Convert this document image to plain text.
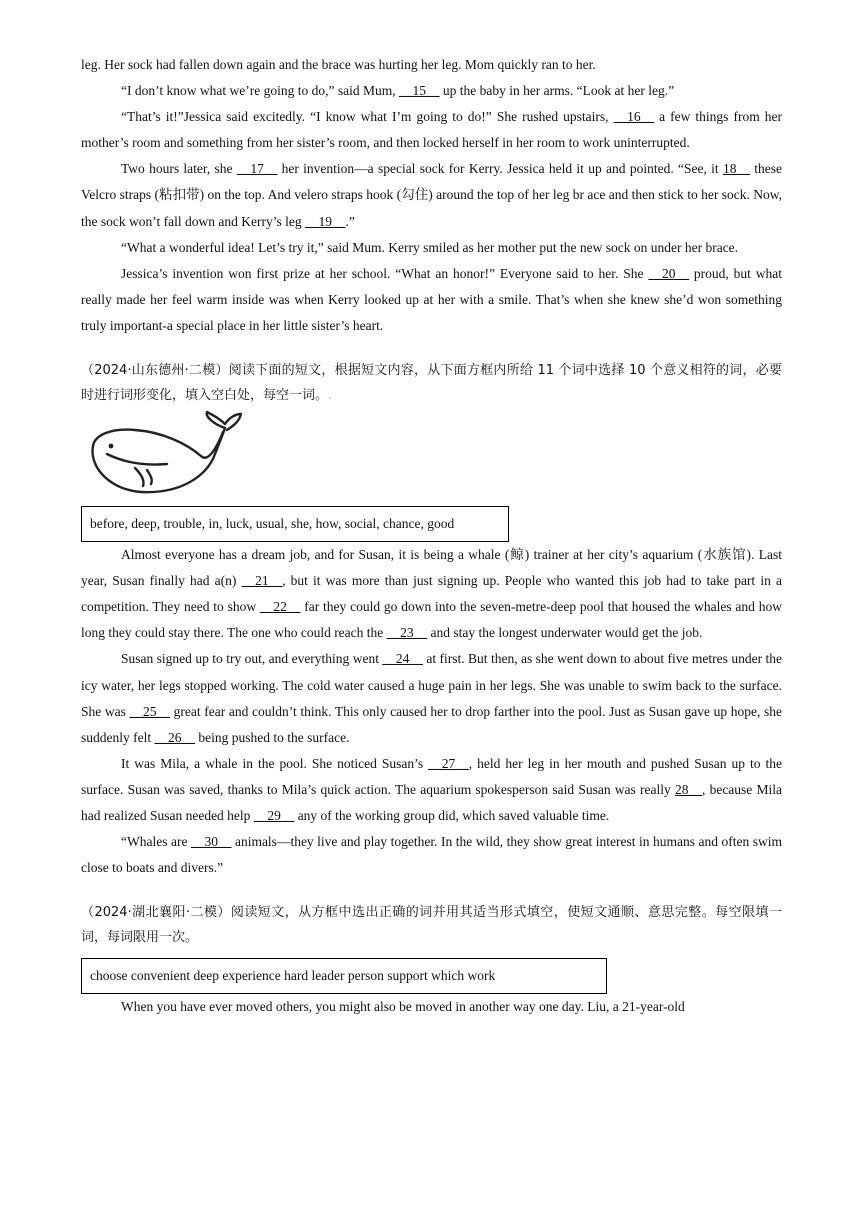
leg. Her sock had fallen down again and the brace was hurting her leg. Mom quickly ran to her.

“I don’t know what we’re going to do,” said Mum, __15__ up the baby in her arms. “Look at her leg.”

“That’s it!”Jessica said excitedly. “I know what I’m going to do!” She rushed upstairs, __16__ a few things from her mother’s room and something from her sister’s room, and then locked herself in her room to work uninterrupted.

Two hours later, she __17__ her invention—a special sock for Kerry. Jessica held it up and pointed. “See, it 18__ these Velcro straps (粘扣带) on the top. And velero straps hook (勾住) around the top of her leg br ace and then stick to her sock. Now, the sock won’t fall down and Kerry’s leg __19__.”

“What a wonderful idea! Let’s try it,” said Mum. Kerry smiled as her mother put the new sock on under her brace.

Jessica’s invention won first prize at her school. “What an honor!” Everyone said to her. She __20__ proud, but what really made her feel warm inside was when Kerry looked up at her with a smile. That’s when she knew she’d won something truly important-a special place in her little sister’s heart.

（2024·山东德州·二模）阅读下面的短文，根据短文内容，从下面方框内所给 11 个词中选择 10 个意义相符的词，必要时进行词形变化，填入空白处，每空一词。.

before, deep, trouble, in, luck, usual, she, how, social, chance, good

Almost everyone has a dream job, and for Susan, it is being a whale (鲸) trainer at her city’s aquarium (水族馆). Last year, Susan finally had a(n) __21__, but it was more than just signing up. People who wanted this job had to take part in a competition. They need to show __22__ far they could go down into the seven-metre-deep pool that housed the whales and how long they could stay there. The one who could reach the __23__ and stay the longest underwater would get the job.

Susan signed up to try out, and everything went __24__ at first. But then, as she went down to about five metres under the icy water, her legs stopped working. The cold water caused a huge pain in her legs. She was unable to swim back to the surface. She was __25__ great fear and couldn’t think. This only caused her to drop farther into the pool. Just as Susan gave up hope, she suddenly felt __26__ being pushed to the surface.

It was Mila, a whale in the pool. She noticed Susan’s __27__, held her leg in her mouth and pushed Susan up to the surface. Susan was saved, thanks to Mila’s quick action. The aquarium spokesperson said Susan was really 28__, because Mila had realized Susan needed help __29__ any of the working group did, which saved valuable time.

“Whales are __30__ animals—they live and play together. In the wild, they show great interest in humans and often swim close to boats and divers.”

（2024·湖北襄阳·二模）阅读短文，从方框中选出正确的词并用其适当形式填空，使短文通顺、意思完整。每空限填一词，每词限用一次。

choose convenient deep experience hard leader person support which work

When you have ever moved others, you might also be moved in another way one day. Liu, a 21-year-old
